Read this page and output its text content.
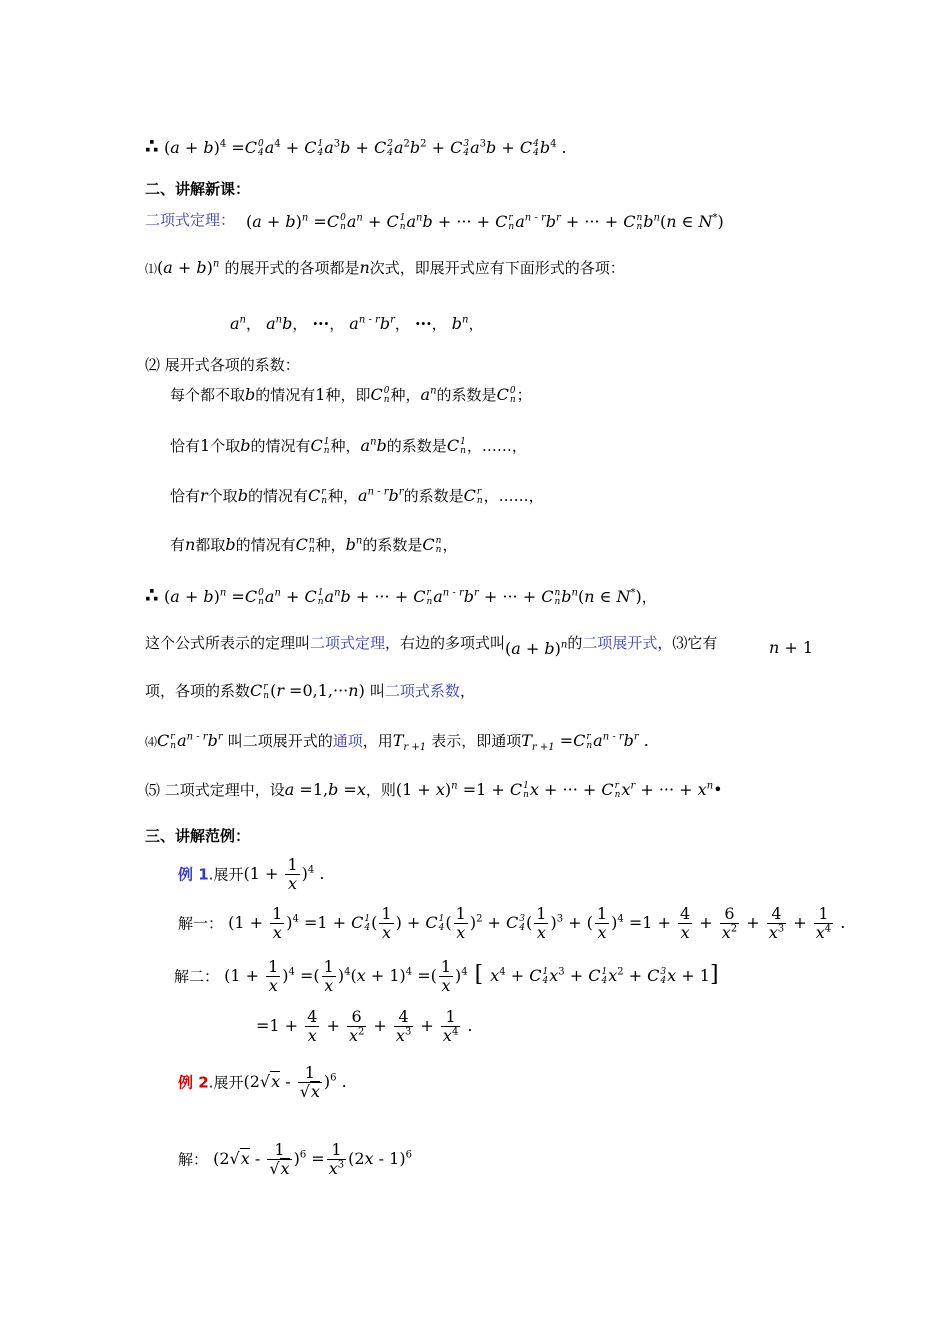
∴ $(a + b)^4 =C$ 0
4 $a^4 + C$ 1
4 $a^3b + C$ 2
4 $a^2b^2 + C$ 3
4 $a^3b + C$ 4
4 $b^4$ .
二、讲解新课：
二项式定理： $(a + b)^n =C$ 0
n $a^n + C$ 1
n $a^nb$ + ··· + C r
n $a^{n - r}b^r$ + ··· + C n
n $b^n(n$ ∈ N*)
⑴(a + b)$^n$ 的展开式的各项都是n次式，即展开式应有下面形式的各项：
$a^n$， $a^nb$， ···， $a^{n - r}b^r$， ···， $b^n$，
⑵ 展开式各项的系数：
每个都不取b的情况有1种，即C 0
n 种，$a^n$的系数是C 0
n ；
恰有1个取b的情况有C 1
n 种，$a^nb$的系数是C 1
n ，……，
恰有r个取b的情况有C r
n 种，$a^{n - r}b^r$的系数是C r
n ，……，
有n都取b的情况有C n
n 种，$b^n$的系数是C n
n ，
∴ $(a + b)^n =C$ 0
n $a^n + C$ 1
n $a^nb$ + ··· + C r
n $a^{n - r}b^r$ + ··· + C n
n $b^n(n$ ∈ N*)，
这个公式所表示的定理叫二项式定理，右边的多项式叫$(a + b)^n$的二项展开式，⑶它有	n + 1
项，各项的系数C r
n (r =0,1,···n) 叫二项式系数，
⑷C r
n $a^{n - r}b^r$ 叫二项展开式的通项，用$T_{r +1}$ 表示，即通项$T_{r +1} =C$ r
n $a^{n - r}b^r$ .
⑸ 二项式定理中，设a =1,b =x，则$(1 + x)^n =1 + C$ 1
n x + ··· + C r
n $x^r$ + ··· + $x^n•$
三、讲解范例：
例 1.展开$(1 + \frac{1}{x} )^4$ .
解一： $(1 + \frac{1}{x} )^4 =1 + C$ 1
4 ( $\frac{1}{x}$ ) + C 1
4 ( $\frac{1}{x} )^2 + C$ 3
4 ( $\frac{1}{x} )^3$ + ( $\frac{1}{x} )^4 =1 + \frac{4}{x} + \frac{6}{x^2} + \frac{4}{x^3} + \frac{1}{x^4}$ .
解二： $(1 + \frac{1}{x} )^4$ =( $\frac{1}{x} )^4(x + 1)^4$ =( $\frac{1}{x} )^4$ [ $x^4 + C$ 1
4 $x^3 + C$ 1
4 $x^2 + C$ 3
4 x + 1]
$=1 + \frac{4}{x} + \frac{6}{x^2} + \frac{4}{x^3} + \frac{1}{x^4}$ .
例 2.展开$(2√x - \frac{1}{√x} )^6$ .
解： $(2√x - \frac{1}{√x} )^6 = \frac{1}{x^3} (2x - 1)^6$
